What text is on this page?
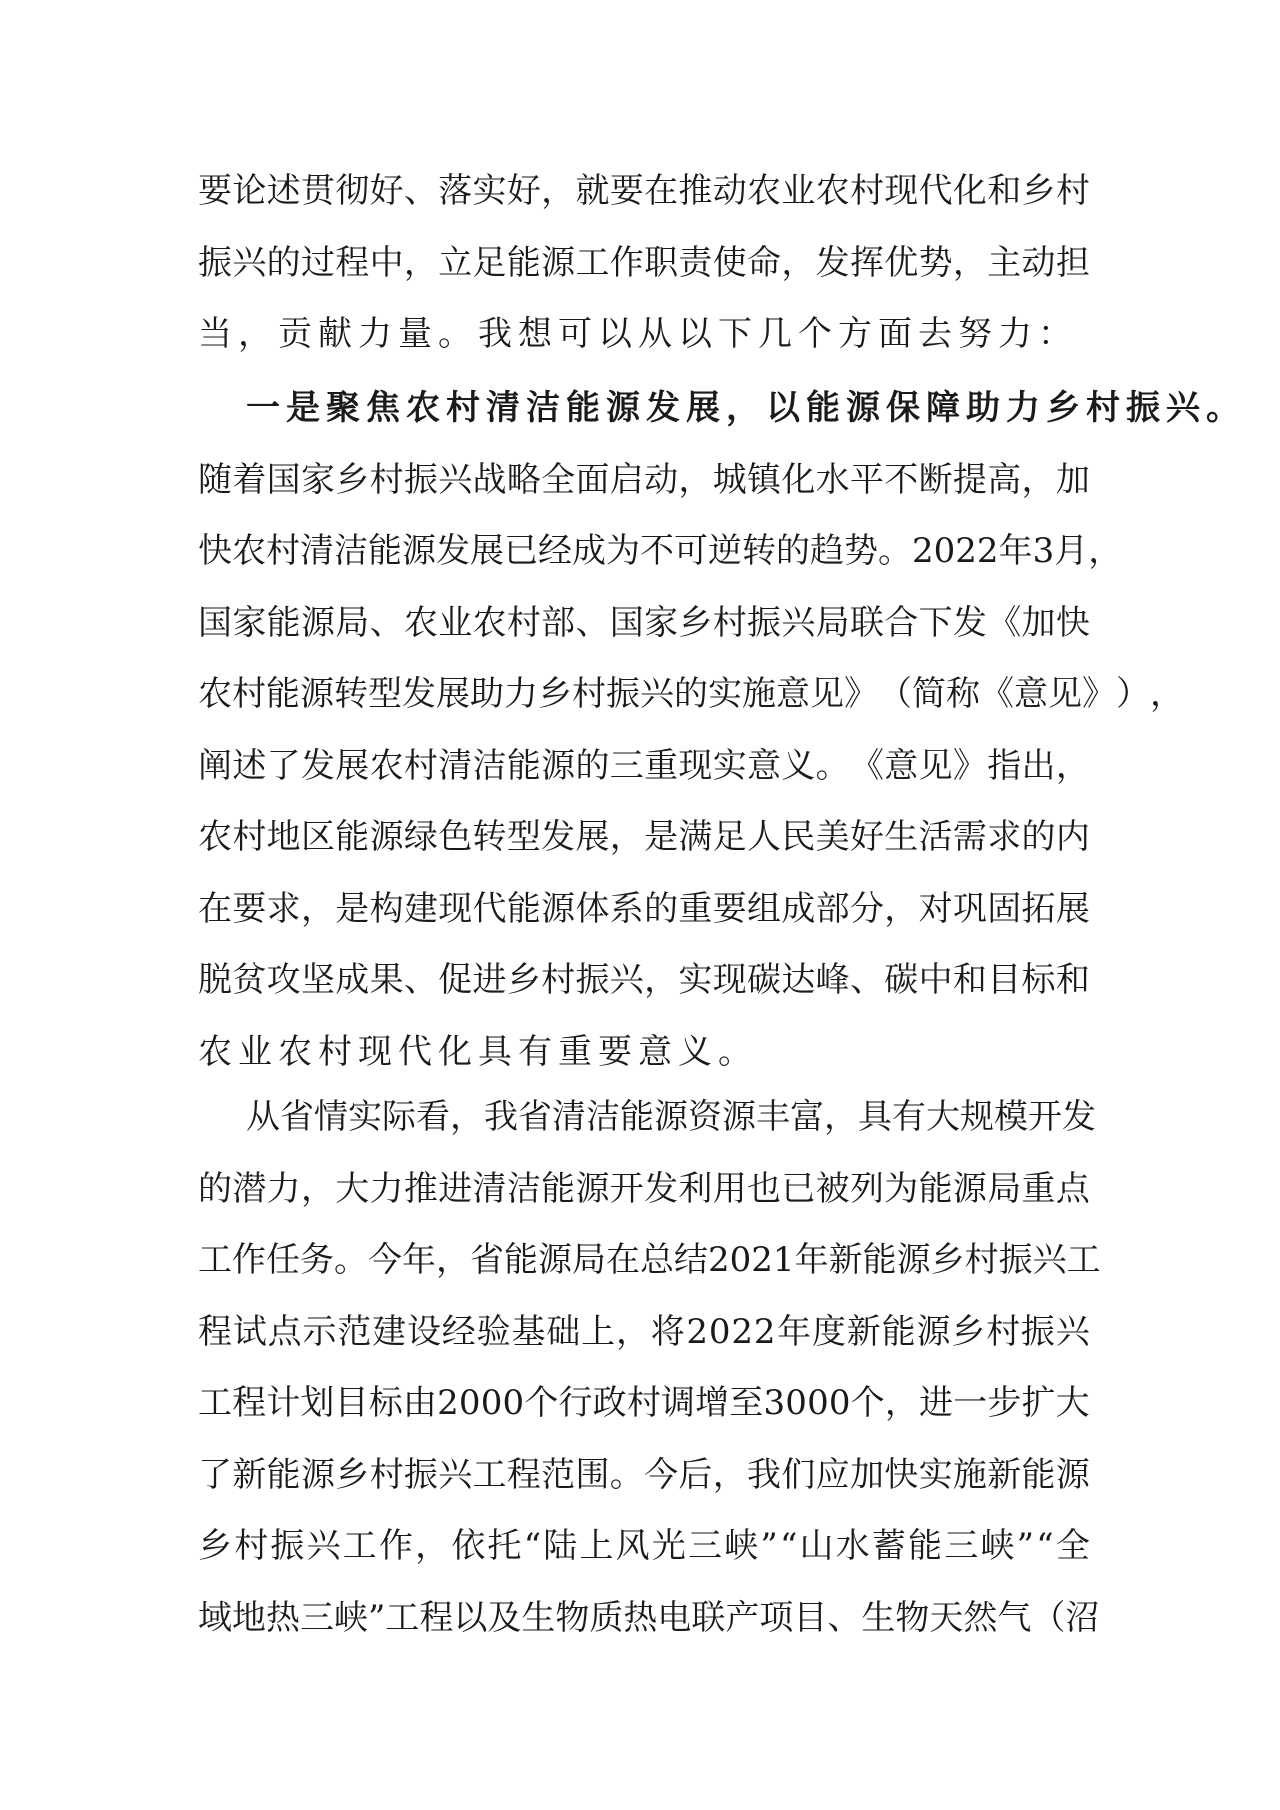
要 论 述 贯 彻 好 、 落 实 好 ， 就 要 在 推 动 农 业 农 村 现 代 化 和 乡 村
振 兴 的 过 程 中 ， 立 足 能 源 工 作 职 责 使 命 ， 发 挥 优 势 ， 主 动 担
当，贡献力量。我想可以从以下几个方面去努力：
一是聚焦农村清洁能源发展，以能源保障助力乡村振兴。
随 着 国 家 乡 村 振 兴 战 略 全 面 启 动 ， 城 镇 化 水 平 不 断 提 高 ， 加
快 农 村 清 洁 能 源 发 展 已 经 成 为 不 可 逆 转 的 趋 势 。 2 0 2 2 年 3 月 ，
国 家 能 源 局 、 农 业 农 村 部 、 国 家 乡 村 振 兴 局 联 合 下 发 《 加 快
农 村 能 源 转 型 发 展 助 力 乡 村 振 兴 的 实 施 意 见 》 （ 简 称 《 意 见 》 ） ，
阐 述 了 发 展 农 村 清 洁 能 源 的 三 重 现 实 意 义 。 《 意 见 》 指 出 ，
农 村 地 区 能 源 绿 色 转 型 发 展 ， 是 满 足 人 民 美 好 生 活 需 求 的 内
在 要 求 ， 是 构 建 现 代 能 源 体 系 的 重 要 组 成 部 分 ， 对 巩 固 拓 展
脱 贫 攻 坚 成 果 、 促 进 乡 村 振 兴 ， 实 现 碳 达 峰 、 碳 中 和 目 标 和
农业农村现代化具有重要意义。
从 省 情 实 际 看 ， 我 省 清 洁 能 源 资 源 丰 富 ， 具 有 大 规 模 开 发
的 潜 力 ， 大 力 推 进 清 洁 能 源 开 发 利 用 也 已 被 列 为 能 源 局 重 点
工 作 任 务 。 今 年 ， 省 能 源 局 在 总 结 2 0 2 1 年 新 能 源 乡 村 振 兴 工
程 试 点 示 范 建 设 经 验 基 础 上 ， 将 2 0 2 2 年 度 新 能 源 乡 村 振 兴
工 程 计 划 目 标 由 2 0 0 0 个 行 政 村 调 增 至 3 0 0 0 个 ， 进 一 步 扩 大
了 新 能 源 乡 村 振 兴 工 程 范 围 。 今 后 ， 我 们 应 加 快 实 施 新 能 源
乡 村 振 兴 工 作 ， 依 托 “ 陆 上 风 光 三 峡 ” “ 山 水 蓄 能 三 峡 ” “ 全
域 地 热 三 峡 ” 工 程 以 及 生 物 质 热 电 联 产 项 目 、 生 物 天 然 气 （ 沼
